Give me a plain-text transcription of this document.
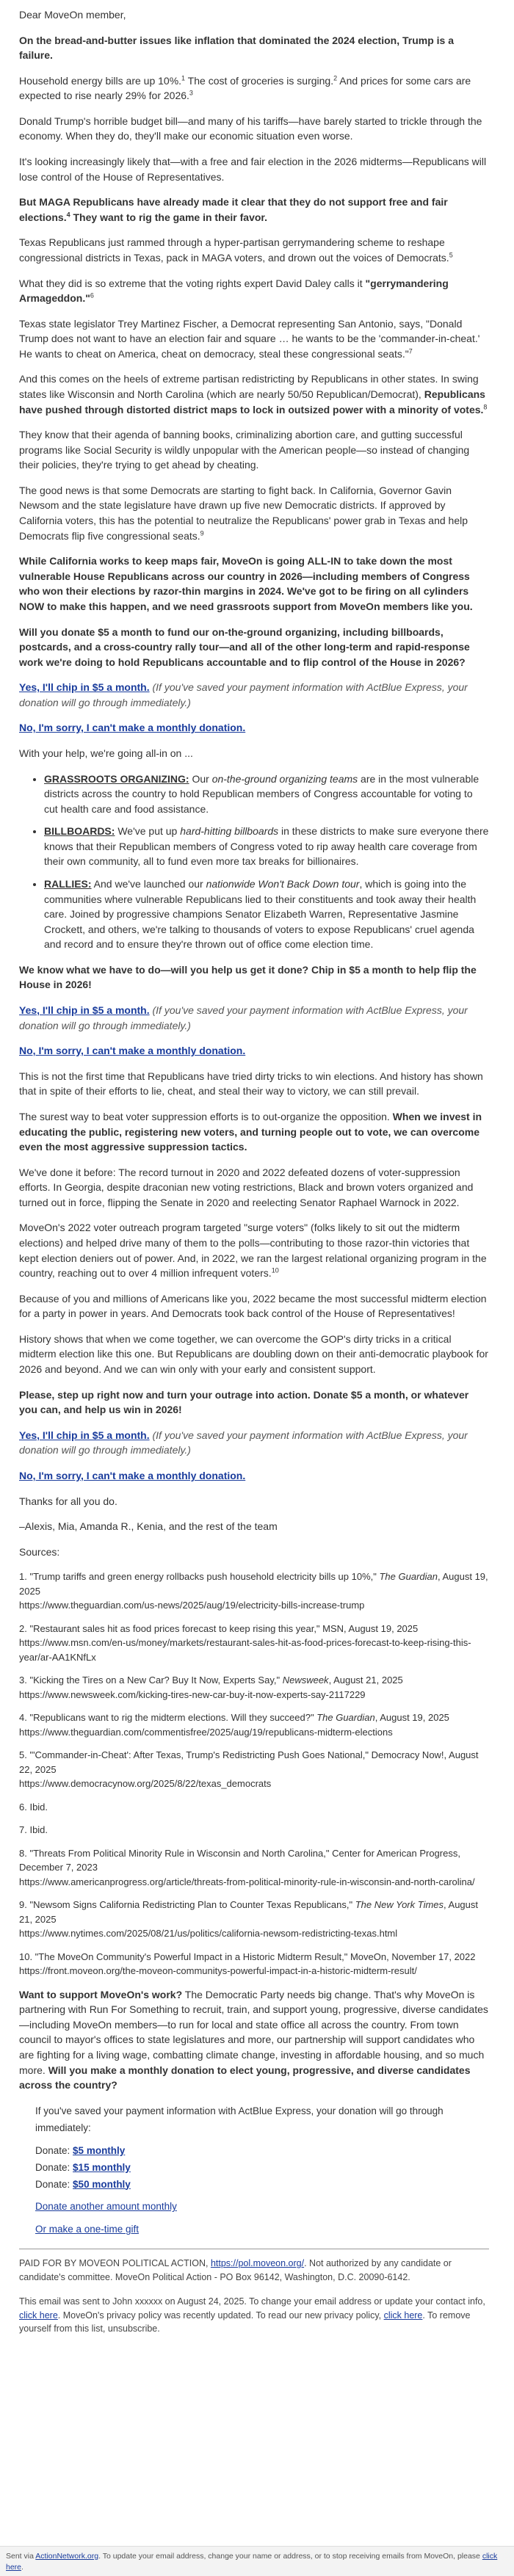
Dear MoveOn member,

On the bread-and-butter issues like inflation that dominated the 2024 election, Trump is a failure.

Household energy bills are up 10%.$^1$ The cost of groceries is surging.$^2$ And prices for some cars are expected to rise nearly 29% for 2026.$^3$

Donald Trump's horrible budget bill—and many of his tariffs—have barely started to trickle through the economy. When they do, they'll make our economic situation even worse.

It's looking increasingly likely that—with a free and fair election in the 2026 midterms—Republicans will lose control of the House of Representatives.

But MAGA Republicans have already made it clear that they do not support free and fair elections.$^4$ They want to rig the game in their favor.

Texas Republicans just rammed through a hyper-partisan gerrymandering scheme to reshape congressional districts in Texas, pack in MAGA voters, and drown out the voices of Democrats.$^5$

What they did is so extreme that the voting rights expert David Daley calls it "gerrymandering Armageddon."$^6$

Texas state legislator Trey Martinez Fischer, a Democrat representing San Antonio, says, "Donald Trump does not want to have an election fair and square … he wants to be the 'commander-in-cheat.' He wants to cheat on America, cheat on democracy, steal these congressional seats."$^7$

And this comes on the heels of extreme partisan redistricting by Republicans in other states. In swing states like Wisconsin and North Carolina (which are nearly 50/50 Republican/Democrat), Republicans have pushed through distorted district maps to lock in outsized power with a minority of votes.$^8$

They know that their agenda of banning books, criminalizing abortion care, and gutting successful programs like Social Security is wildly unpopular with the American people—so instead of changing their policies, they're trying to get ahead by cheating.

The good news is that some Democrats are starting to fight back. In California, Governor Gavin Newsom and the state legislature have drawn up five new Democratic districts. If approved by California voters, this has the potential to neutralize the Republicans' power grab in Texas and help Democrats flip five congressional seats.$^9$

While California works to keep maps fair, MoveOn is going ALL-IN to take down the most vulnerable House Republicans across our country in 2026—including members of Congress who won their elections by razor-thin margins in 2024. We've got to be firing on all cylinders NOW to make this happen, and we need grassroots support from MoveOn members like you.

Will you donate $5 a month to fund our on-the-ground organizing, including billboards, postcards, and a cross-country rally tour—and all of the other long-term and rapid-response work we're doing to hold Republicans accountable and to flip control of the House in 2026?

Yes, I'll chip in $5 a month. (If you've saved your payment information with ActBlue Express, your donation will go through immediately.)

No, I'm sorry, I can't make a monthly donation.

With your help, we're going all-in on ...

• GRASSROOTS ORGANIZING: Our on-the-ground organizing teams are in the most vulnerable districts across the country to hold Republican members of Congress accountable for voting to cut health care and food assistance.
• BILLBOARDS: We've put up hard-hitting billboards in these districts to make sure everyone there knows that their Republican members of Congress voted to rip away health care coverage from their own community, all to fund even more tax breaks for billionaires.
• RALLIES: And we've launched our nationwide Won't Back Down tour, which is going into the communities where vulnerable Republicans lied to their constituents and took away their health care. Joined by progressive champions Senator Elizabeth Warren, Representative Jasmine Crockett, and others, we're talking to thousands of voters to expose Republicans' cruel agenda and record and to ensure they're thrown out of office come election time.

We know what we have to do—will you help us get it done? Chip in $5 a month to help flip the House in 2026!

Yes, I'll chip in $5 a month. (If you've saved your payment information with ActBlue Express, your donation will go through immediately.)

No, I'm sorry, I can't make a monthly donation.

This is not the first time that Republicans have tried dirty tricks to win elections. And history has shown that in spite of their efforts to lie, cheat, and steal their way to victory, we can still prevail.

The surest way to beat voter suppression efforts is to out-organize the opposition. When we invest in educating the public, registering new voters, and turning people out to vote, we can overcome even the most aggressive suppression tactics.

We've done it before: The record turnout in 2020 and 2022 defeated dozens of voter-suppression efforts. In Georgia, despite draconian new voting restrictions, Black and brown voters organized and turned out in force, flipping the Senate in 2020 and reelecting Senator Raphael Warnock in 2022.

MoveOn's 2022 voter outreach program targeted "surge voters" (folks likely to sit out the midterm elections) and helped drive many of them to the polls—contributing to those razor-thin victories that kept election deniers out of power. And, in 2022, we ran the largest relational organizing program in the country, reaching out to over 4 million infrequent voters.$^{10}$

Because of you and millions of Americans like you, 2022 became the most successful midterm election for a party in power in years. And Democrats took back control of the House of Representatives!

History shows that when we come together, we can overcome the GOP's dirty tricks in a critical midterm election like this one. But Republicans are doubling down on their anti-democratic playbook for 2026 and beyond. And we can win only with your early and consistent support.

Please, step up right now and turn your outrage into action. Donate $5 a month, or whatever you can, and help us win in 2026!

Yes, I'll chip in $5 a month. (If you've saved your payment information with ActBlue Express, your donation will go through immediately.)

No, I'm sorry, I can't make a monthly donation.

Thanks for all you do.

–Alexis, Mia, Amanda R., Kenia, and the rest of the team

Sources:

1. "Trump tariffs and green energy rollbacks push household electricity bills up 10%," The Guardian, August 19, 2025
https://www.theguardian.com/us-news/2025/aug/19/electricity-bills-increase-trump
2. "Restaurant sales hit as food prices forecast to keep rising this year," MSN, August 19, 2025
https://www.msn.com/en-us/money/markets/restaurant-sales-hit-as-food-prices-forecast-to-keep-rising-this-year/ar-AA1KNfLx
3. "Kicking the Tires on a New Car? Buy It Now, Experts Say," Newsweek, August 21, 2025
https://www.newsweek.com/kicking-tires-new-car-buy-it-now-experts-say-2117229
4. "Republicans want to rig the midterm elections. Will they succeed?" The Guardian, August 19, 2025
https://www.theguardian.com/commentisfree/2025/aug/19/republicans-midterm-elections
5. "'Commander-in-Cheat': After Texas, Trump's Redistricting Push Goes National," Democracy Now!, August 22, 2025
https://www.democracynow.org/2025/8/22/texas_democrats
6. Ibid.
7. Ibid.
8. "Threats From Political Minority Rule in Wisconsin and North Carolina," Center for American Progress, December 7, 2023
https://www.americanprogress.org/article/threats-from-political-minority-rule-in-wisconsin-and-north-carolina/
9. "Newsom Signs California Redistricting Plan to Counter Texas Republicans," The New York Times, August 21, 2025
https://www.nytimes.com/2025/08/21/us/politics/california-newsom-redistricting-texas.html
10. "The MoveOn Community's Powerful Impact in a Historic Midterm Result," MoveOn, November 17, 2022
https://front.moveon.org/the-moveon-communitys-powerful-impact-in-a-historic-midterm-result/

Want to support MoveOn's work? The Democratic Party needs big change. That's why MoveOn is partnering with Run For Something to recruit, train, and support young, progressive, diverse candidates—including MoveOn members—to run for local and state office all across the country. From town council to mayor's offices to state legislatures and more, our partnership will support candidates who are fighting for a living wage, combatting climate change, investing in affordable housing, and so much more. Will you make a monthly donation to elect young, progressive, and diverse candidates across the country?

If you've saved your payment information with ActBlue Express, your donation will go through immediately:
Donate: $5 monthly
Donate: $15 monthly
Donate: $50 monthly
Donate another amount monthly
Or make a one-time gift

PAID FOR BY MOVEON POLITICAL ACTION, https://pol.moveon.org/. Not authorized by any candidate or candidate's committee. MoveOn Political Action - PO Box 96142, Washington, D.C. 20090-6142.

This email was sent to John xxxxxx on August 24, 2025. To change your email address or update your contact info, click here. MoveOn's privacy policy was recently updated. To read our new privacy policy, click here. To remove yourself from this list, unsubscribe.

Sent via ActionNetwork.org. To update your email address, change your name or address, or to stop receiving emails from MoveOn, please click here.
